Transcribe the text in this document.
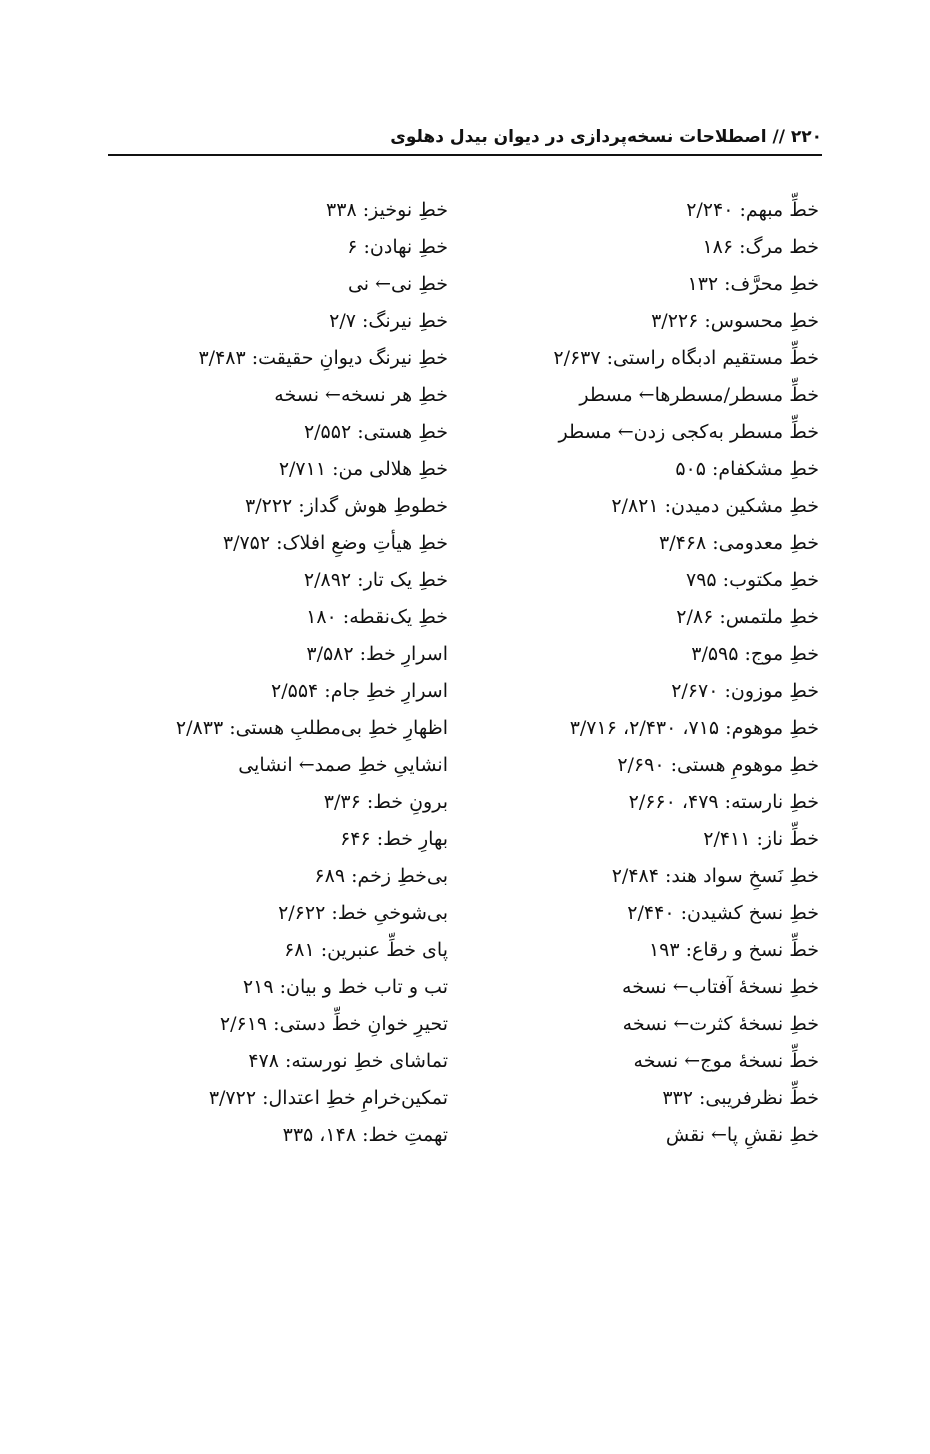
۲۲۰ // اصطلاحات نسخه‌پردازی در دیوان بیدل دهلوی
خطِّ مبهم: ۲/۲۴۰
خط مرگ: ۱۸۶
خطِ محرَّف: ۱۳۲
خطِ محسوس: ۳/۲۲۶
خطِّ مستقیم ادبگاه راستی: ۲/۶۳۷
خطِّ مسطر/مسطرها← مسطر
خطِّ مسطر به‌کجی زدن← مسطر
خطِ مشکفام: ۵۰۵
خطِ مشکین دمیدن: ۲/۸۲۱
خطِ معدومی: ۳/۴۶۸
خطِ مکتوب: ۷۹۵
خطِ ملتمس: ۲/۸۶
خطِ موج: ۳/۵۹۵
خطِ موزون: ۲/۶۷۰
خطِ موهوم: ۷۱۵، ۲/۴۳۰، ۳/۷۱۶
خطِ موهومِ هستی: ۲/۶۹۰
خطِ نارسته: ۴۷۹، ۲/۶۶۰
خطِّ ناز: ۲/۴۱۱
خطِ نَسخِ سواد هند: ۲/۴۸۴
خطِ نسخ کشیدن: ۲/۴۴۰
خطِّ نسخ و رقاع: ۱۹۳
خطِ نسخهٔ آفتاب← نسخه
خطِ نسخهٔ کثرت← نسخه
خطِّ نسخهٔ موج← نسخه
خطِّ نظرفریبی: ۳۳۲
خطِ نقشِ پا← نقش
خطِ نوخیز: ۳۳۸
خطِ نهادن: ۶
خطِ نی← نی
خطِ نیرنگ: ۲/۷
خطِ نیرنگ دیوانِ حقیقت: ۳/۴۸۳
خطِ هر نسخه← نسخه
خطِ هستی: ۲/۵۵۲
خطِ هلالی من: ۲/۷۱۱
خطوطِ هوش گداز: ۳/۲۲۲
خطِ هیأتِ وضعِ افلاک: ۳/۷۵۲
خطِ یک تار: ۲/۸۹۲
خطِ یک‌نقطه: ۱۸۰
اسرارِ خط: ۳/۵۸۲
اسرارِ خطِ جام: ۲/۵۵۴
اظهارِ خطِ بی‌مطلبِ هستی: ۲/۸۳۳
انشاییِ خطِ صمد← انشایی
برونِ خط: ۳/۳۶
بهارِ خط: ۶۴۶
بی‌خطِ زخم: ۶۸۹
بی‌شوخیِ خط: ۲/۶۲۲
پای خطِّ عنبرین: ۶۸۱
تب و تاب خط و بیان: ۲۱۹
تحیرِ خوانِ خطِّ دستی: ۲/۶۱۹
تماشای خطِ نورسته: ۴۷۸
تمکین‌خرامِ خطِ اعتدال: ۳/۷۲۲
تهمتِ خط: ۱۴۸، ۳۳۵
